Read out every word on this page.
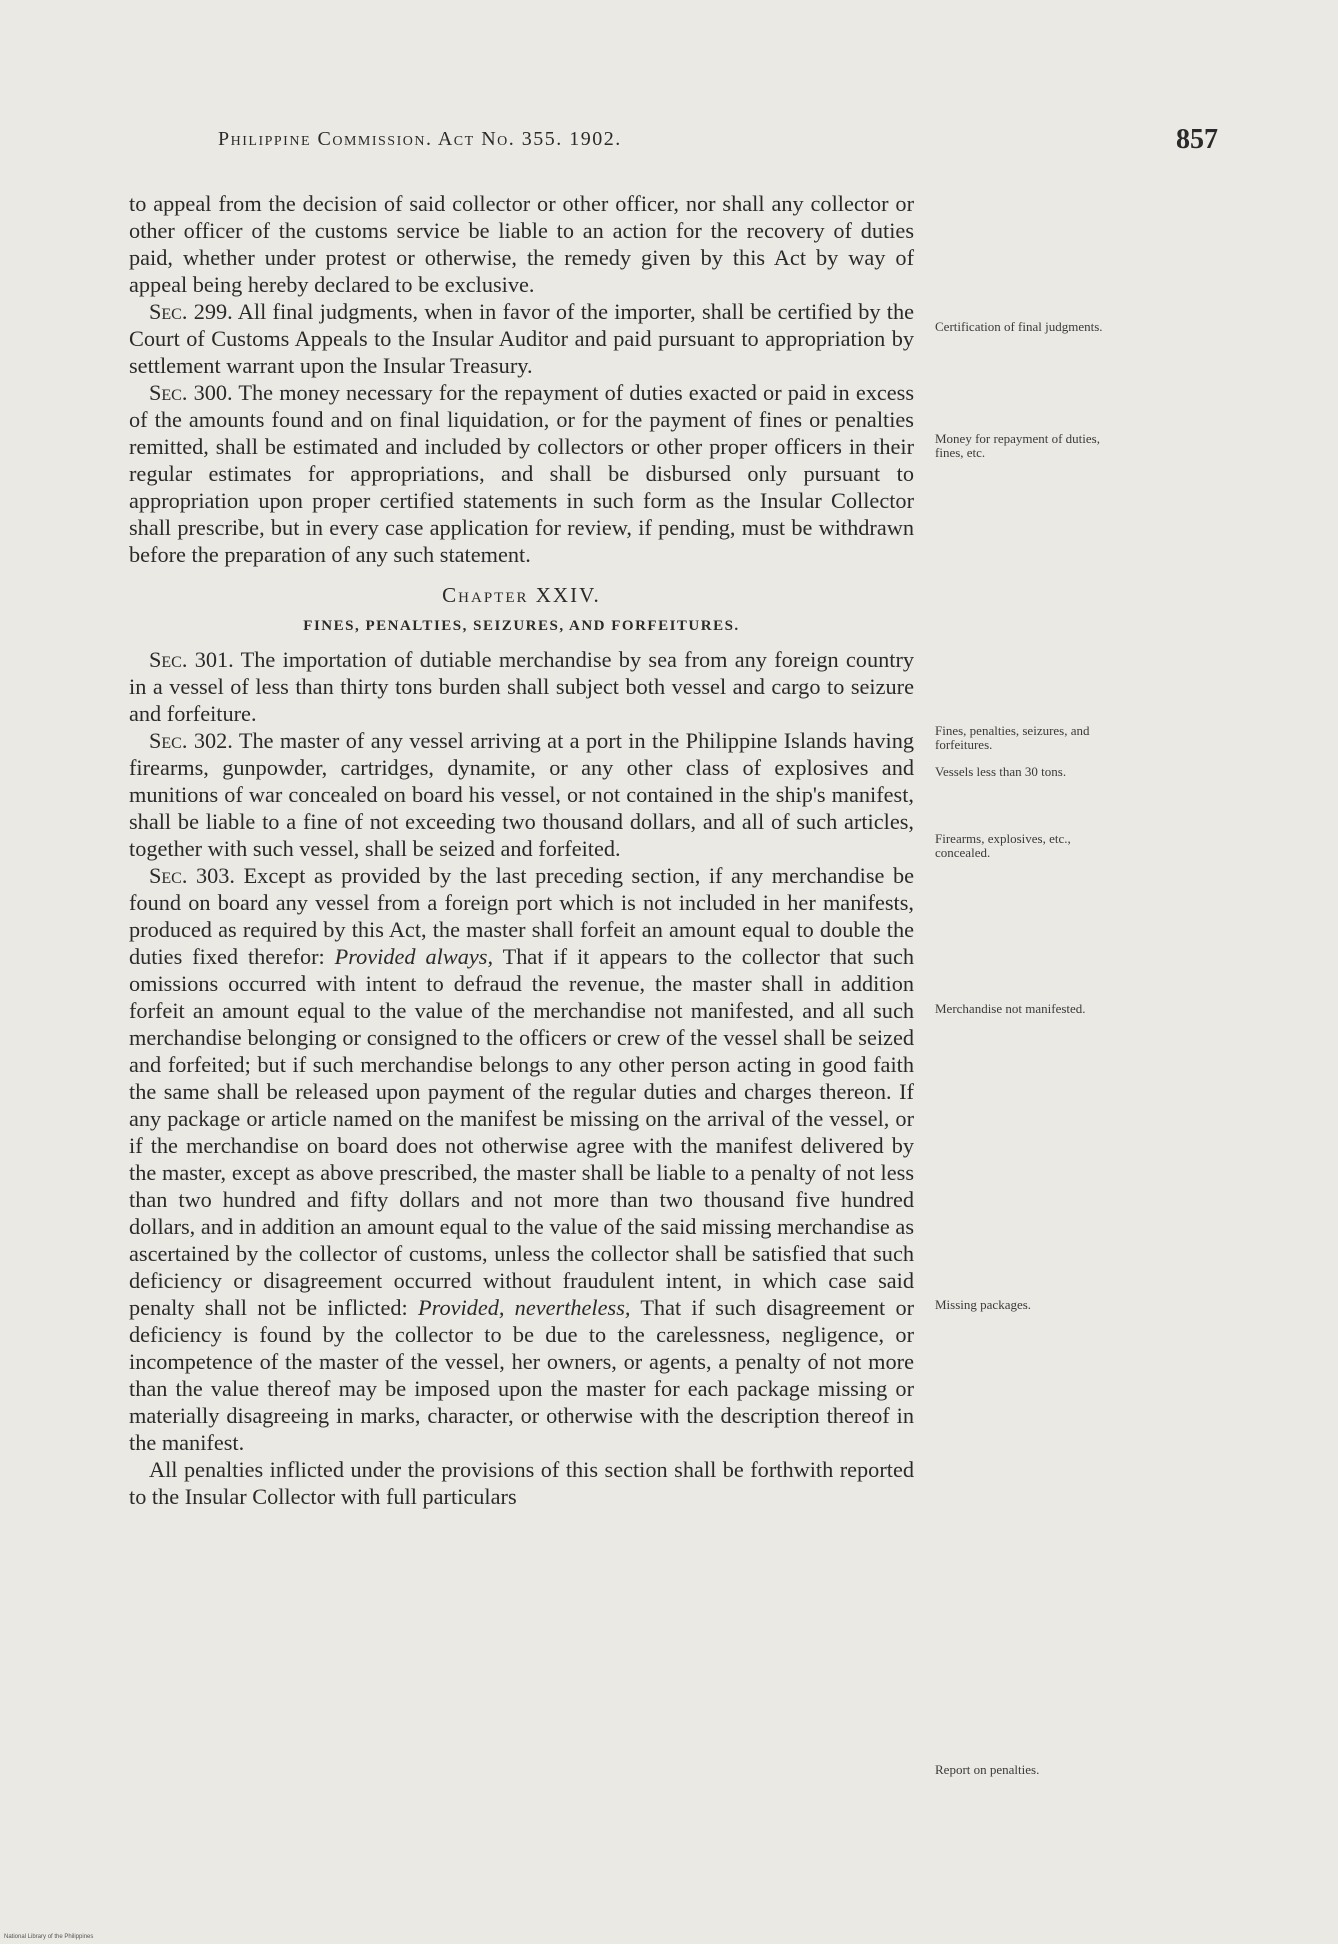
Philippine Commission. Act No. 355. 1902.	857

to appeal from the decision of said collector or other officer, nor shall any collector or other officer of the customs service be liable to an action for the recovery of duties paid, whether under protest or otherwise, the remedy given by this Act by way of appeal being hereby declared to be exclusive.

Sec. 299. All final judgments, when in favor of the importer, shall be certified by the Court of Customs Appeals to the Insular Auditor and paid pursuant to appropriation by settlement warrant upon the Insular Treasury.

Sec. 300. The money necessary for the repayment of duties exacted or paid in excess of the amounts found and on final liquidation, or for the payment of fines or penalties remitted, shall be estimated and included by collectors or other proper officers in their regular estimates for appropriations, and shall be disbursed only pursuant to appropriation upon proper certified statements in such form as the Insular Collector shall prescribe, but in every case application for review, if pending, must be withdrawn before the preparation of any such statement.

Chapter XXIV.
FINES, PENALTIES, SEIZURES, AND FORFEITURES.

Sec. 301. The importation of dutiable merchandise by sea from any foreign country in a vessel of less than thirty tons burden shall subject both vessel and cargo to seizure and forfeiture.

Sec. 302. The master of any vessel arriving at a port in the Philippine Islands having firearms, gunpowder, cartridges, dynamite, or any other class of explosives and munitions of war concealed on board his vessel, or not contained in the ship's manifest, shall be liable to a fine of not exceeding two thousand dollars, and all of such articles, together with such vessel, shall be seized and forfeited.

Sec. 303. Except as provided by the last preceding section, if any merchandise be found on board any vessel from a foreign port which is not included in her manifests, produced as required by this Act, the master shall forfeit an amount equal to double the duties fixed therefor: Provided always, That if it appears to the collector that such omissions occurred with intent to defraud the revenue, the master shall in addition forfeit an amount equal to the value of the merchandise not manifested, and all such merchandise belonging or consigned to the officers or crew of the vessel shall be seized and forfeited; but if such merchandise belongs to any other person acting in good faith the same shall be released upon payment of the regular duties and charges thereon. If any package or article named on the manifest be missing on the arrival of the vessel, or if the merchandise on board does not otherwise agree with the manifest delivered by the master, except as above prescribed, the master shall be liable to a penalty of not less than two hundred and fifty dollars and not more than two thousand five hundred dollars, and in addition an amount equal to the value of the said missing merchandise as ascertained by the collector of customs, unless the collector shall be satisfied that such deficiency or disagreement occurred without fraudulent intent, in which case said penalty shall not be inflicted: Provided, nevertheless, That if such disagreement or deficiency is found by the collector to be due to the carelessness, negligence, or incompetence of the master of the vessel, her owners, or agents, a penalty of not more than the value thereof may be imposed upon the master for each package missing or materially disagreeing in marks, character, or otherwise with the description thereof in the manifest.

All penalties inflicted under the provisions of this section shall be forthwith reported to the Insular Collector with full particulars

Certification of final judgments.
Money for repayment of duties, fines, etc.
Fines, penalties, seizures, and forfeitures.
Vessels less than 30 tons.
Firearms, explosives, etc., concealed.
Merchandise not manifested.
Missing packages.
Report on penalties.
National Library of the Philippines
